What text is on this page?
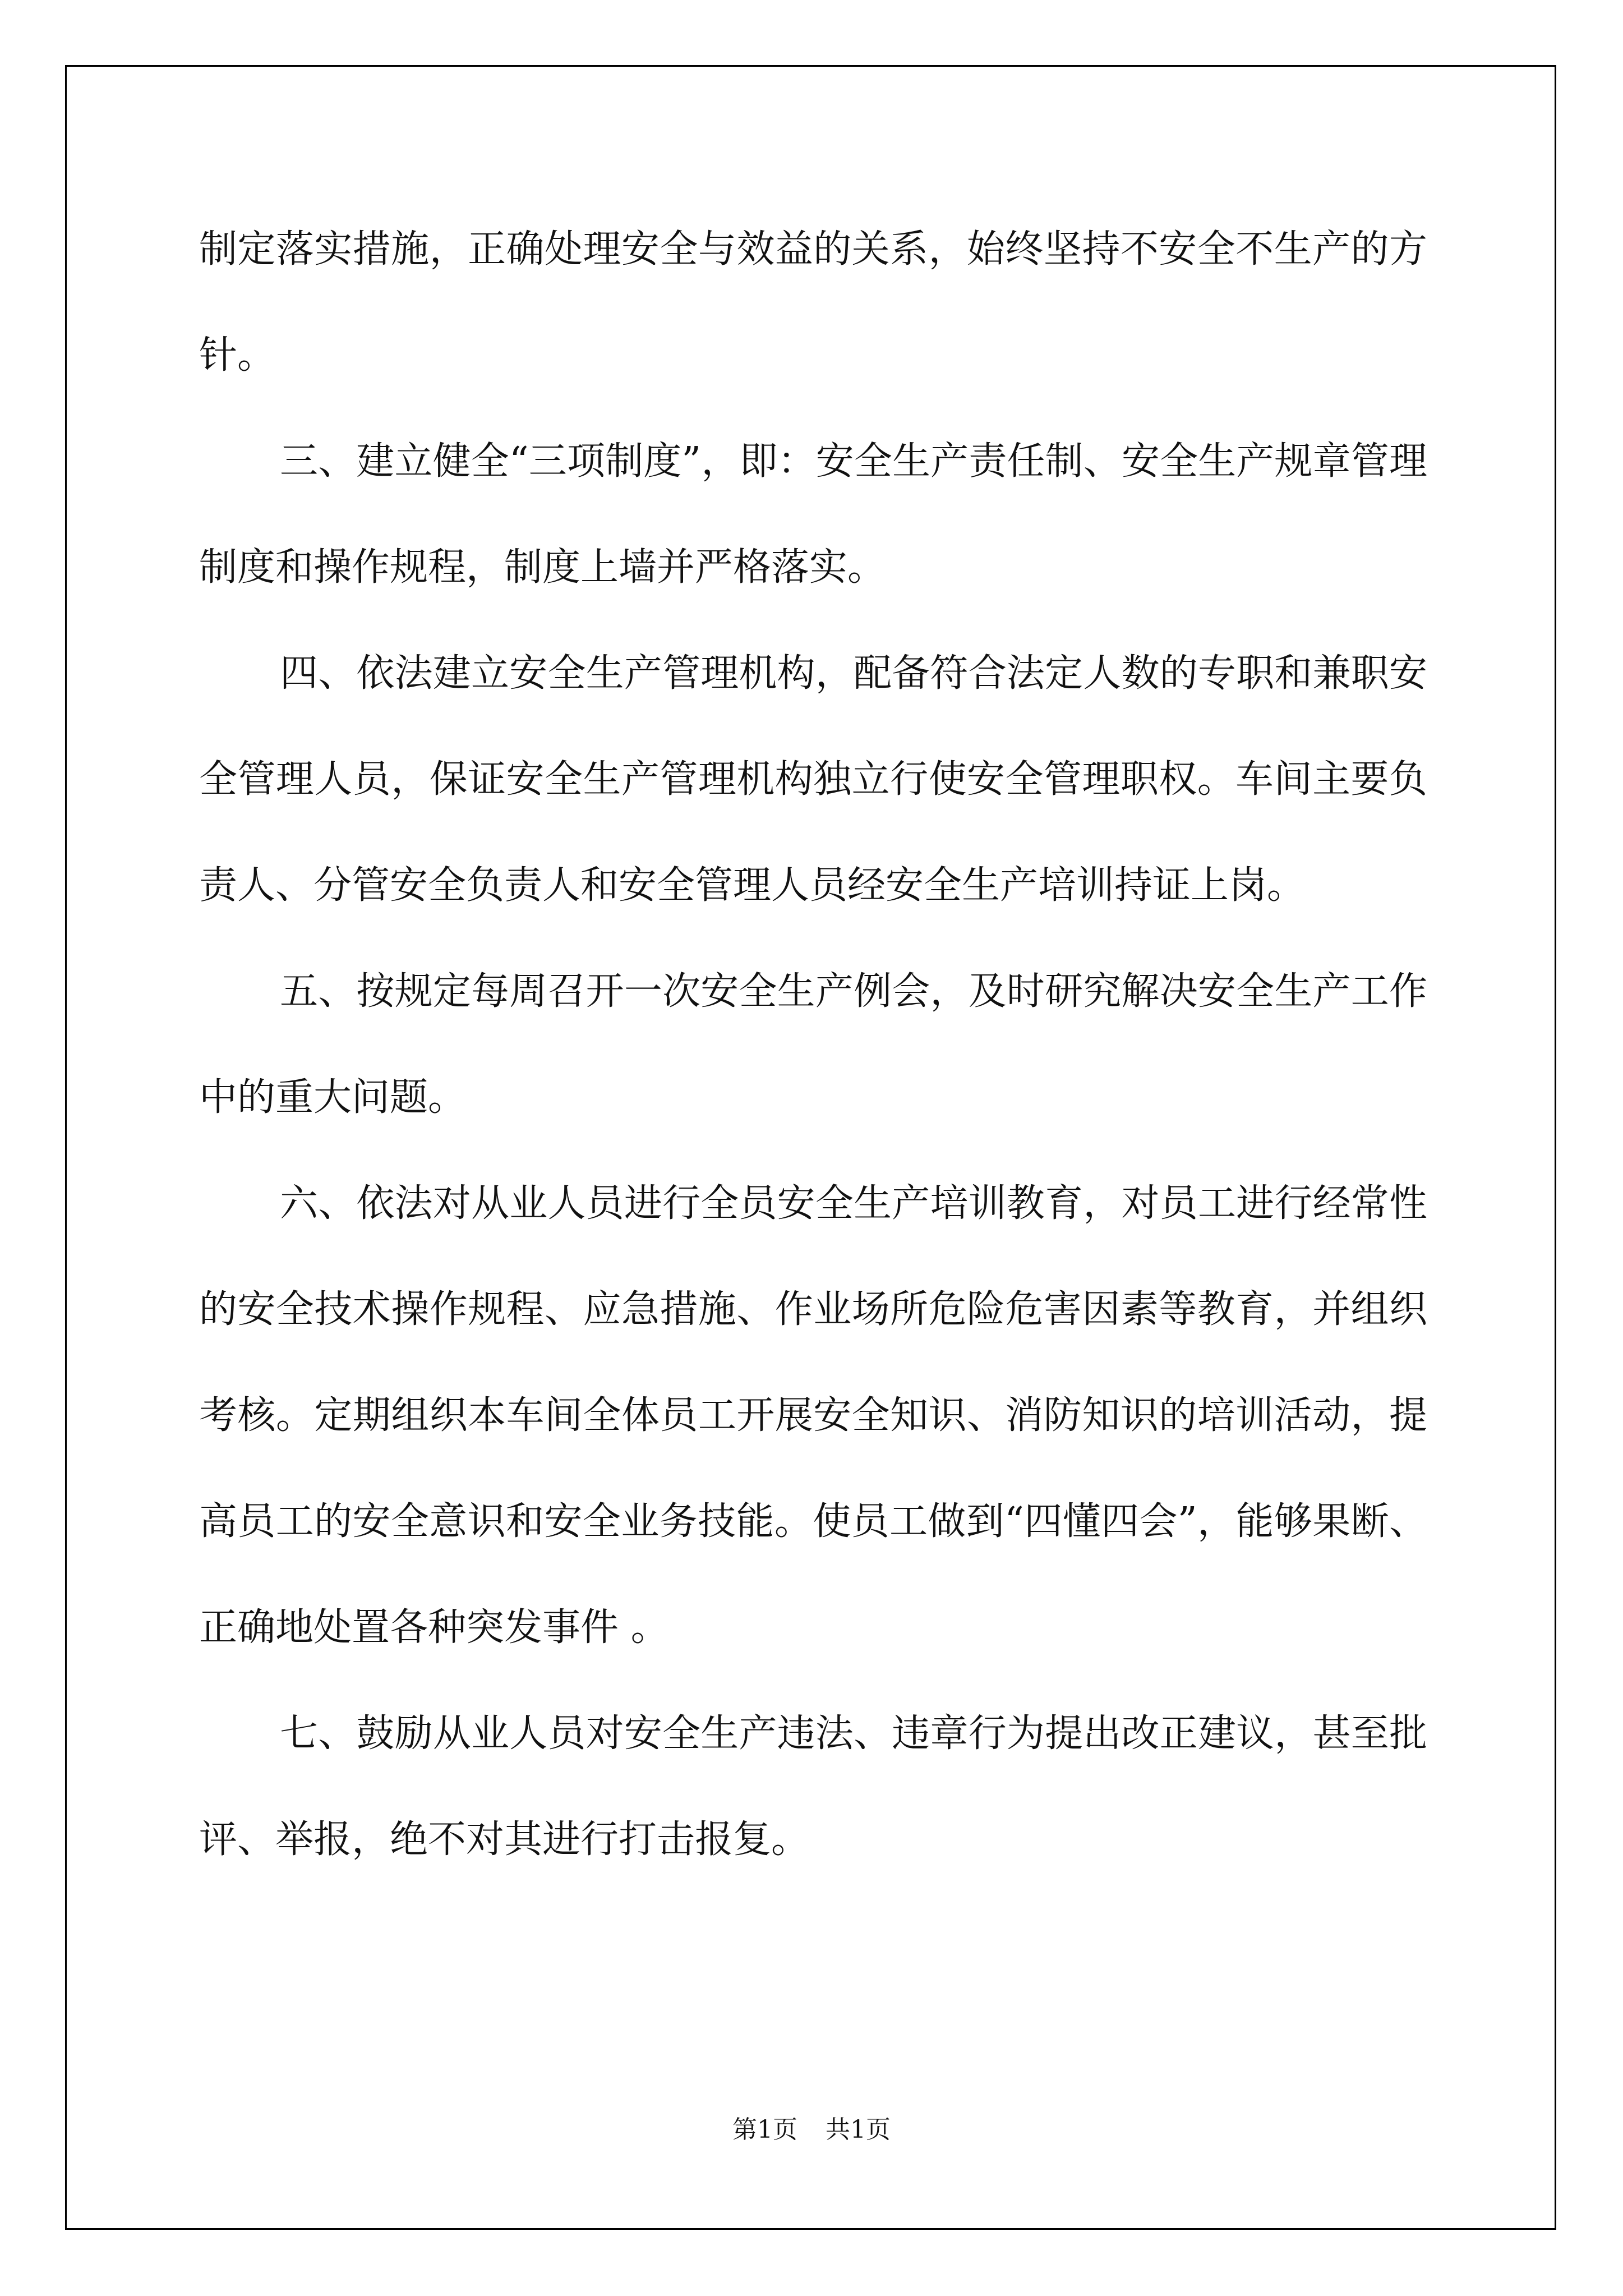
制定落实措施，正确处理安全与效益的关系，始终坚持不安全不生产的方针。

三、建立健全“三项制度”，即：安全生产责任制、安全生产规章管理制度和操作规程，制度上墙并严格落实。

四、依法建立安全生产管理机构，配备符合法定人数的专职和兼职安全管理人员，保证安全生产管理机构独立行使安全管理职权。车间主要负责人、分管安全负责人和安全管理人员经安全生产培训持证上岗。

五、按规定每周召开一次安全生产例会，及时研究解决安全生产工作中的重大问题。

六、依法对从业人员进行全员安全生产培训教育，对员工进行经常性的安全技术操作规程、应急措施、作业场所危险危害因素等教育，并组织考核。定期组织本车间全体员工开展安全知识、消防知识的培训活动，提高员工的安全意识和安全业务技能。使员工做到“四懂四会”，能够果断、正确地处置各种突发事件 。

七、鼓励从业人员对安全生产违法、违章行为提出改正建议，甚至批评、举报，绝不对其进行打击报复。

第1页 共1页
